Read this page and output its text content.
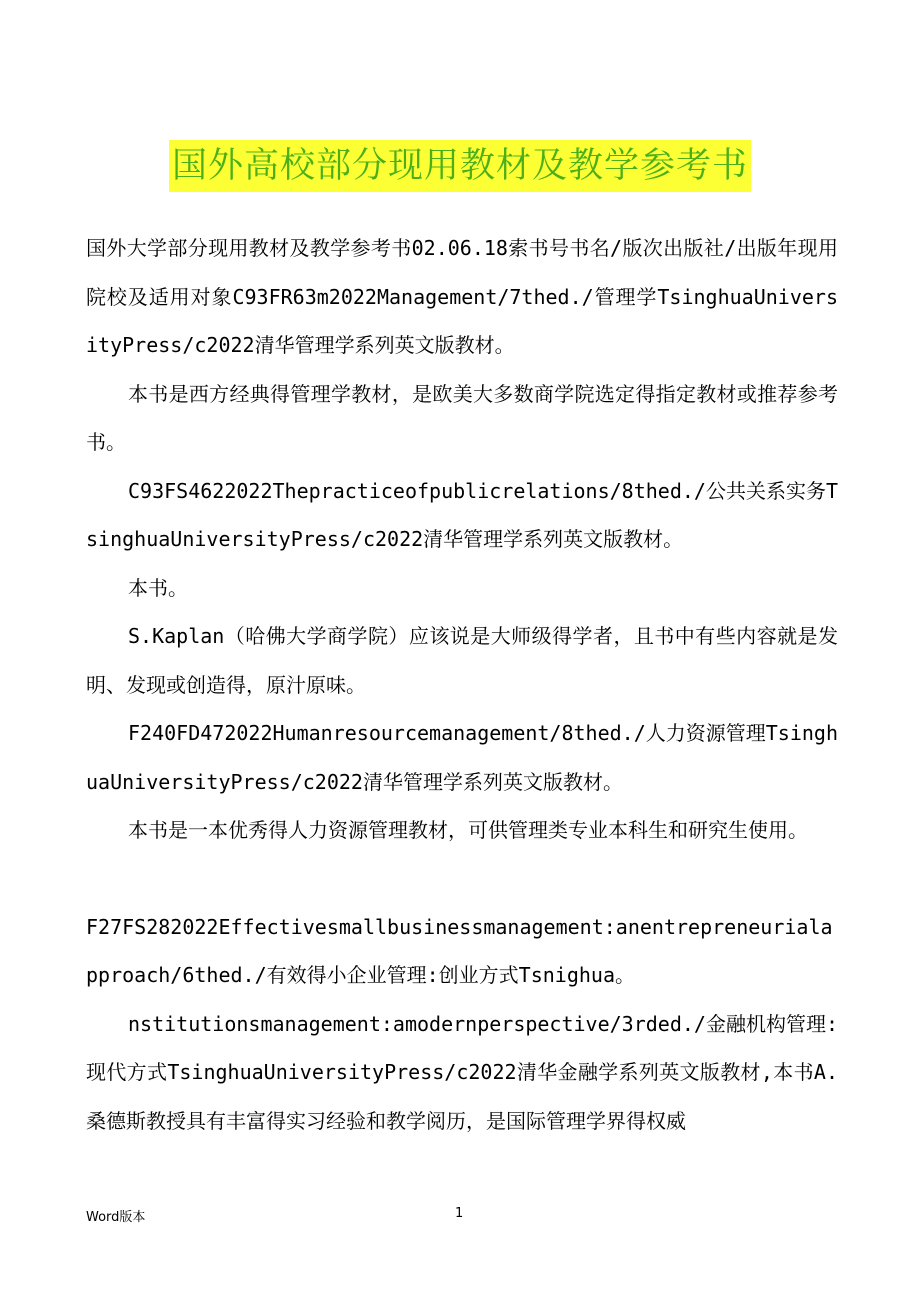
国外高校部分现用教材及教学参考书

国外大学部分现用教材及教学参考书02.06.18索书号书名/版次出版社/出版年现用院校及适用对象C93FR63m2022Management/7thed./管理学TsinghuaUniversityPress/c2022清华管理学系列英文版教材。

本书是西方经典得管理学教材，是欧美大多数商学院选定得指定教材或推荐参考书。

C93FS4622022Thepracticeofpublicrelations/8thed./公共关系实务TsinghuaUniversityPress/c2022清华管理学系列英文版教材。

本书。

S.Kaplan（哈佛大学商学院）应该说是大师级得学者，且书中有些内容就是发明、发现或创造得，原汁原味。

F240FD472022Humanresourcemanagement/8thed./人力资源管理TsinghuaUniversityPress/c2022清华管理学系列英文版教材。

本书是一本优秀得人力资源管理教材，可供管理类专业本科生和研究生使用。

F27FS282022Effectivesmallbusinessmanagement:anentrepreneurialapproach/6thed./有效得小企业管理:创业方式Tsnighua。

nstitutionsmanagement:amodernperspective/3rded./金融机构管理:现代方式TsinghuaUniversityPress/c2022清华金融学系列英文版教材,本书A.桑德斯教授具有丰富得实习经验和教学阅历，是国际管理学界得权威

Word版本	1
